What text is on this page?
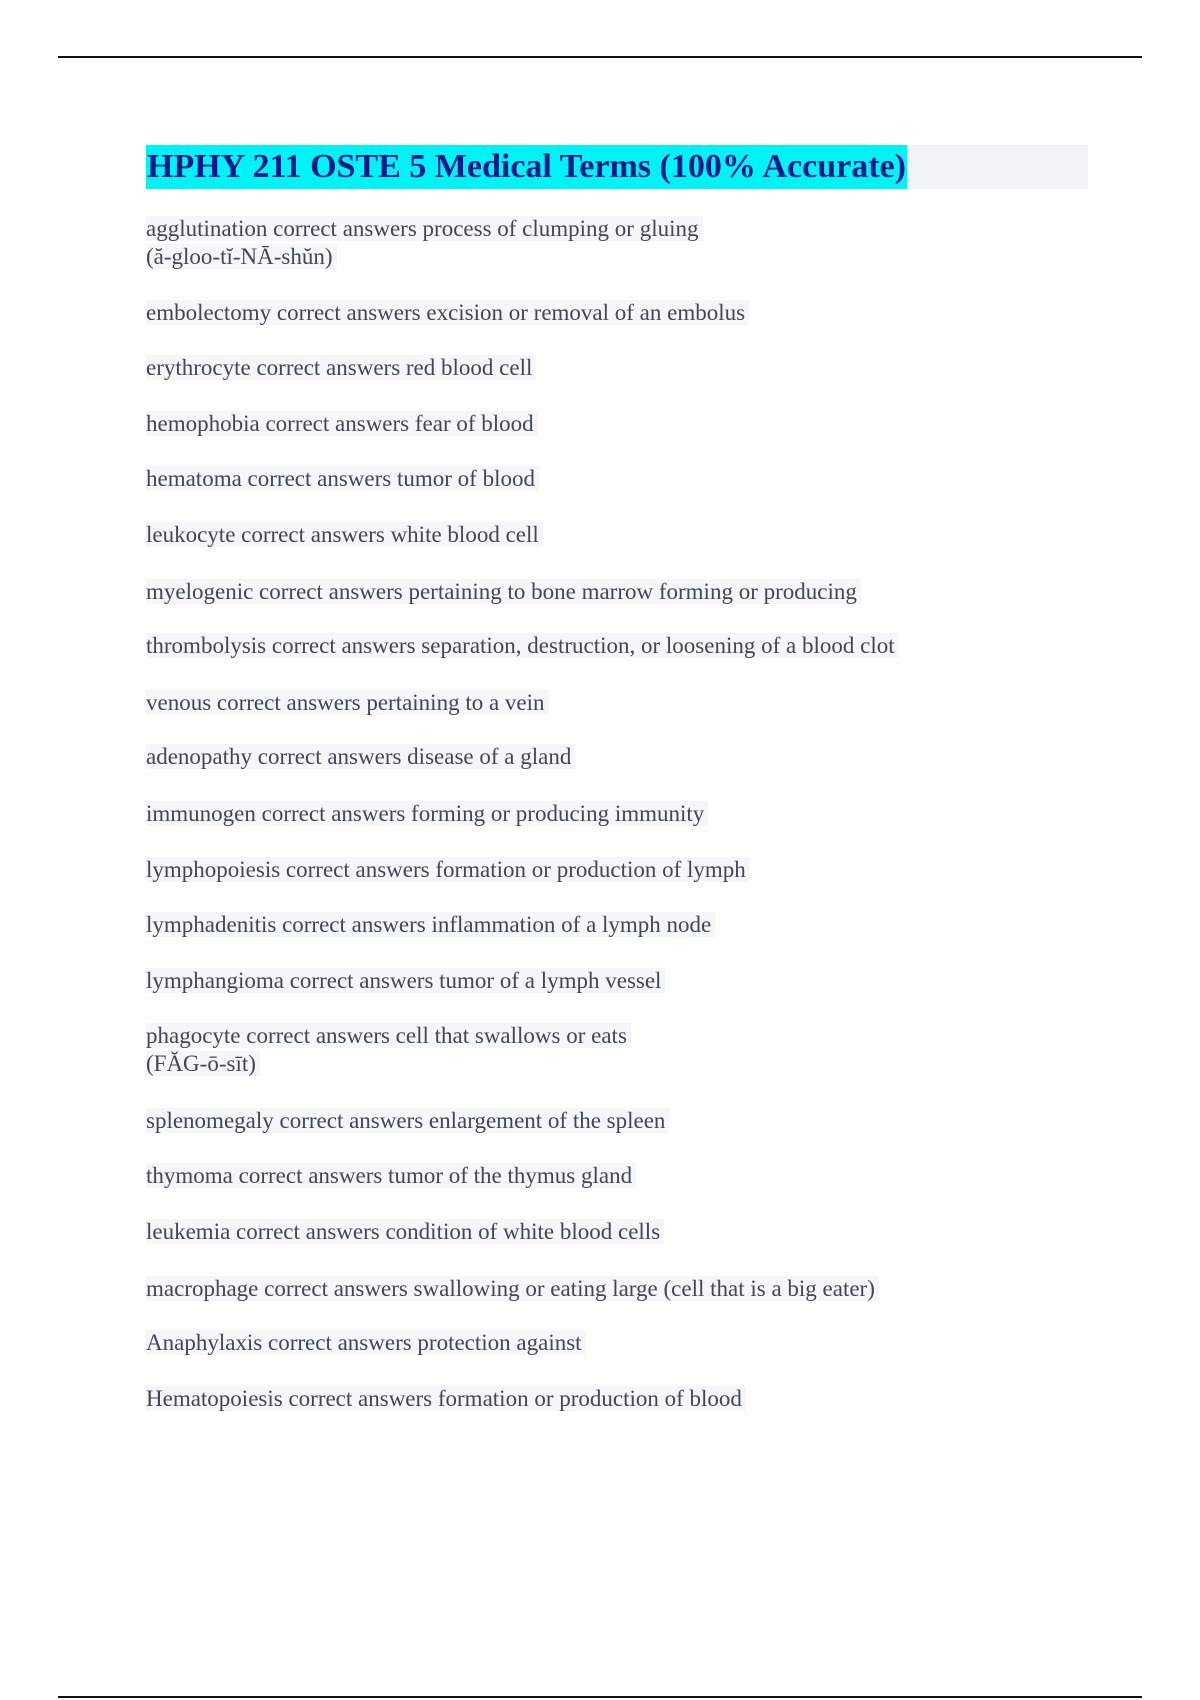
HPHY 211 OSTE 5 Medical Terms (100% Accurate)
agglutination correct answers process of clumping or gluing
(ă-gloo-tĭ-NĀ-shŭn)
embolectomy correct answers excision or removal of an embolus
erythrocyte correct answers red blood cell
hemophobia correct answers fear of blood
hematoma correct answers tumor of blood
leukocyte correct answers white blood cell
myelogenic correct answers pertaining to bone marrow forming or producing
thrombolysis correct answers separation, destruction, or loosening of a blood clot
venous correct answers pertaining to a vein
adenopathy correct answers disease of a gland
immunogen correct answers forming or producing immunity
lymphopoiesis correct answers formation or production of lymph
lymphadenitis correct answers inflammation of a lymph node
lymphangioma correct answers tumor of a lymph vessel
phagocyte correct answers cell that swallows or eats
(FĂG-ō-sīt)
splenomegaly correct answers enlargement of the spleen
thymoma correct answers tumor of the thymus gland
leukemia correct answers condition of white blood cells
macrophage correct answers swallowing or eating large (cell that is a big eater)
Anaphylaxis correct answers protection against
Hematopoiesis correct answers formation or production of blood
